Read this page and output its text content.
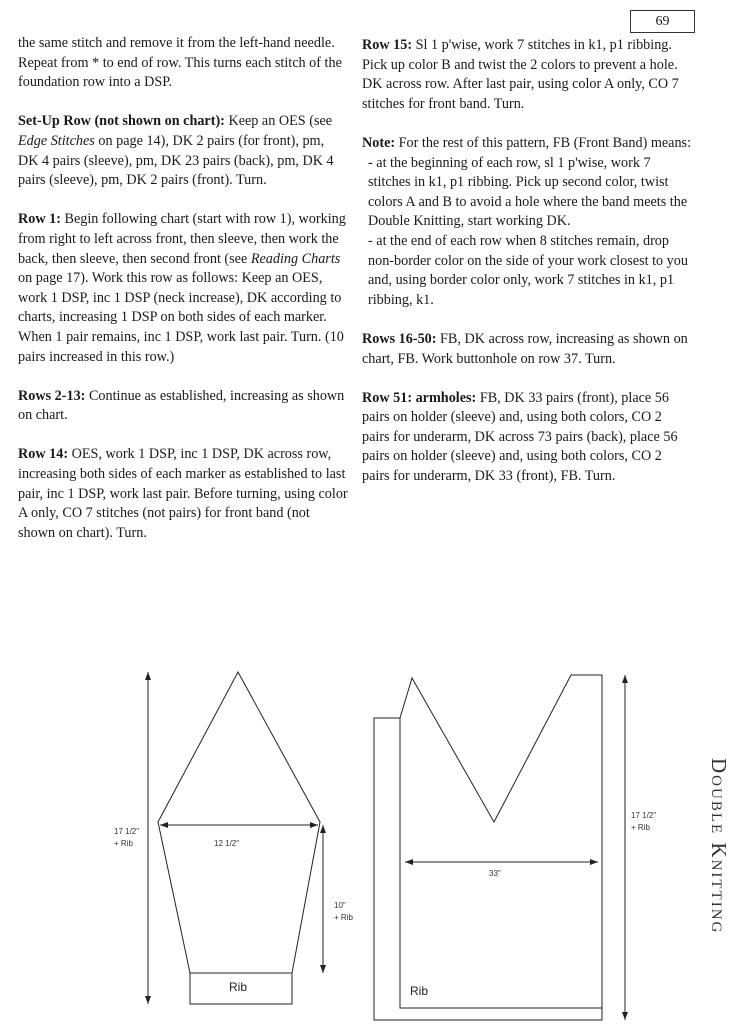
69

the same stitch and remove it from the left-hand needle. Repeat from * to end of row. This turns each stitch of the foundation row into a DSP.

Set-Up Row (not shown on chart): Keep an OES (see Edge Stitches on page 14), DK 2 pairs (for front), pm, DK 4 pairs (sleeve), pm, DK 23 pairs (back), pm, DK 4 pairs (sleeve), pm, DK 2 pairs (front). Turn.

Row 1: Begin following chart (start with row 1), working from right to left across front, then sleeve, then work the back, then sleeve, then second front (see Reading Charts on page 17). Work this row as follows: Keep an OES, work 1 DSP, inc 1 DSP (neck increase), DK according to charts, increasing 1 DSP on both sides of each marker. When 1 pair remains, inc 1 DSP, work last pair. Turn. (10 pairs increased in this row.)

Rows 2-13: Continue as established, increasing as shown on chart.

Row 14: OES, work 1 DSP, inc 1 DSP, DK across row, increasing both sides of each marker as established to last pair, inc 1 DSP, work last pair. Before turning, using color A only, CO 7 stitches (not pairs) for front band (not shown on chart). Turn.

Row 15: Sl 1 p'wise, work 7 stitches in k1, p1 ribbing. Pick up color B and twist the 2 colors to prevent a hole. DK across row. After last pair, using color A only, CO 7 stitches for front band. Turn.

Note: For the rest of this pattern, FB (Front Band) means:
- at the beginning of each row, sl 1 p'wise, work 7 stitches in k1, p1 ribbing. Pick up second color, twist colors A and B to avoid a hole where the band meets the Double Knitting, start working DK.
- at the end of each row when 8 stitches remain, drop non-border color on the side of your work closest to you and, using border color only, work 7 stitches in k1, p1 ribbing, k1.

Rows 16-50: FB, DK across row, increasing as shown on chart, FB. Work buttonhole on row 37. Turn.

Row 51: armholes: FB, DK 33 pairs (front), place 56 pairs on holder (sleeve) and, using both colors, CO 2 pairs for underarm, DK across 73 pairs (back), place 56 pairs on holder (sleeve) and, using both colors, CO 2 pairs for underarm, DK 33 (front), FB. Turn.

Double Knitting
17 1/2"
+ Rib	12 1/2"
10"
+ Rib
Rib
33"
Rib
17 1/2"
+ Rib
